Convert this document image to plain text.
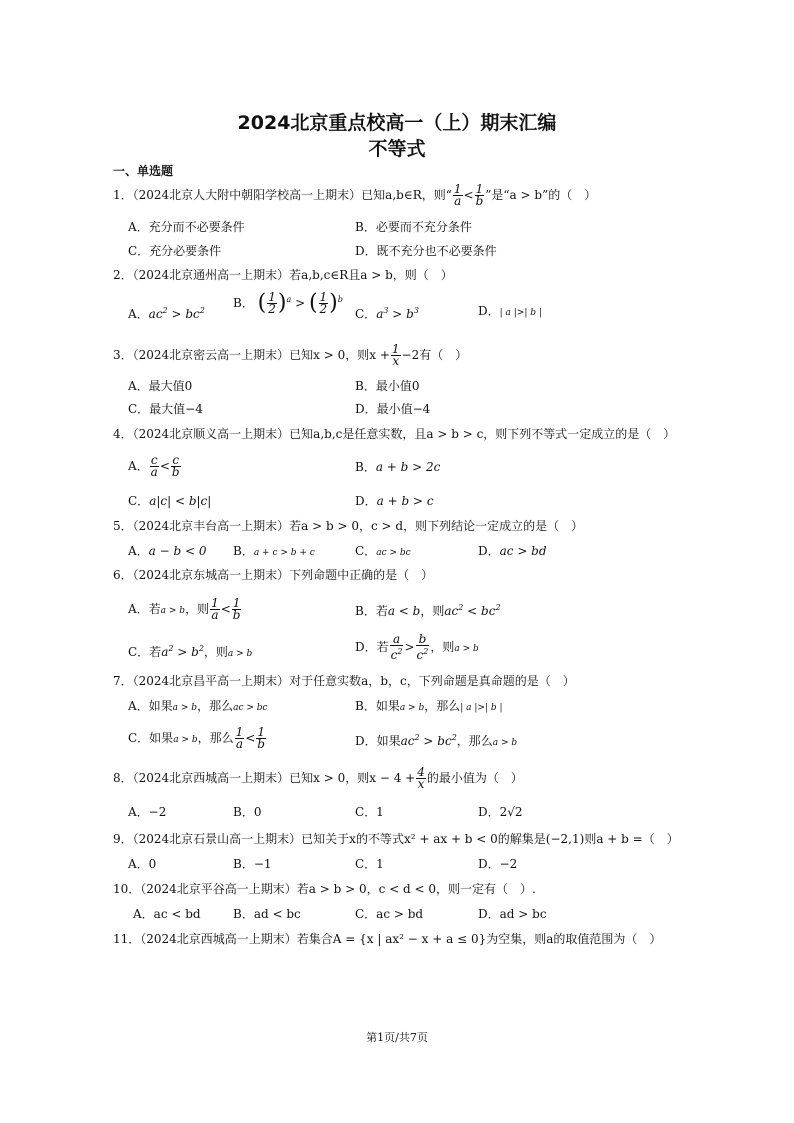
2024北京重点校高一（上）期末汇编
不等式
一、单选题
1．（2024北京人大附中朝阳学校高一上期末）已知a,b∈R，则“ $\frac{1}{a} < \frac{1}{b}$ ”是“a > b”的（　）
A．充分而不必要条件	B．必要而不充分条件
C．充分必要条件	D．既不充分也不必要条件
2．（2024北京通州高一上期末）若a,b,c∈R且a > b，则（　）
A．$ac^2 > bc^2$
B． ( $\frac{1}{2} )^a$ > ( $\frac{1}{2} )^b$
C．$a^3 > b^3$	D．| a |>| b |
3．（2024北京密云高一上期末）已知x > 0，则$x + \frac{1}{x} -2$有（　）
A．最大值0	B．最小值0
C．最大值−4	D．最小值−4
4．（2024北京顺义高一上期末）已知a,b,c是任意实数，且a > b > c，则下列不等式一定成立的是（　）
A． $\frac{c}{a} < \frac{c}{b}$	B．a + b > 2c
C．a|c| < b|c|	D．a + b > c
5．（2024北京丰台高一上期末）若a > b > 0，c > d，则下列结论一定成立的是（　）
A．a − b < 0 B．a + c > b + c	C．ac > bc	D．ac > bd
6．（2024北京东城高一上期末）下列命题中正确的是（　）
A．若a > b，则 $\frac{1}{a} < \frac{1}{b}$	B．若a < b，则$ac^2 < bc^2$
C．若$a^2 > b^2$，则a > b	D．若 $\frac{a}{c^2} > \frac{b}{c^2}$ ，则a > b
7．（2024北京昌平高一上期末）对于任意实数a，b，c，下列命题是真命题的是（　）
A．如果a > b，那么ac > bc	B．如果a > b，那么| a |>| b |
C．如果a > b，那么 $\frac{1}{a} < \frac{1}{b}$	D．如果$ac^2 > bc^2$，那么a > b
8．（2024北京西城高一上期末）已知x > 0，则$x - 4 + \frac{4}{x}$ 的最小值为（　）
A．−2	B．0	C．1	D．2√2
9．（2024北京石景山高一上期末）已知关于x的不等式x² + ax + b < 0的解集是(−2,1)则a + b =（　）
A．0	B．−1	C．1	D．−2
10．（2024北京平谷高一上期末）若a > b > 0，c < d < 0，则一定有（　）.
A．ac < bd	B．ad < bc	C．ac > bd	D．ad > bc
11．（2024北京西城高一上期末）若集合A = {x | ax² − x + a ≤ 0}为空集，则a的取值范围为（　）
第1页/共7页
